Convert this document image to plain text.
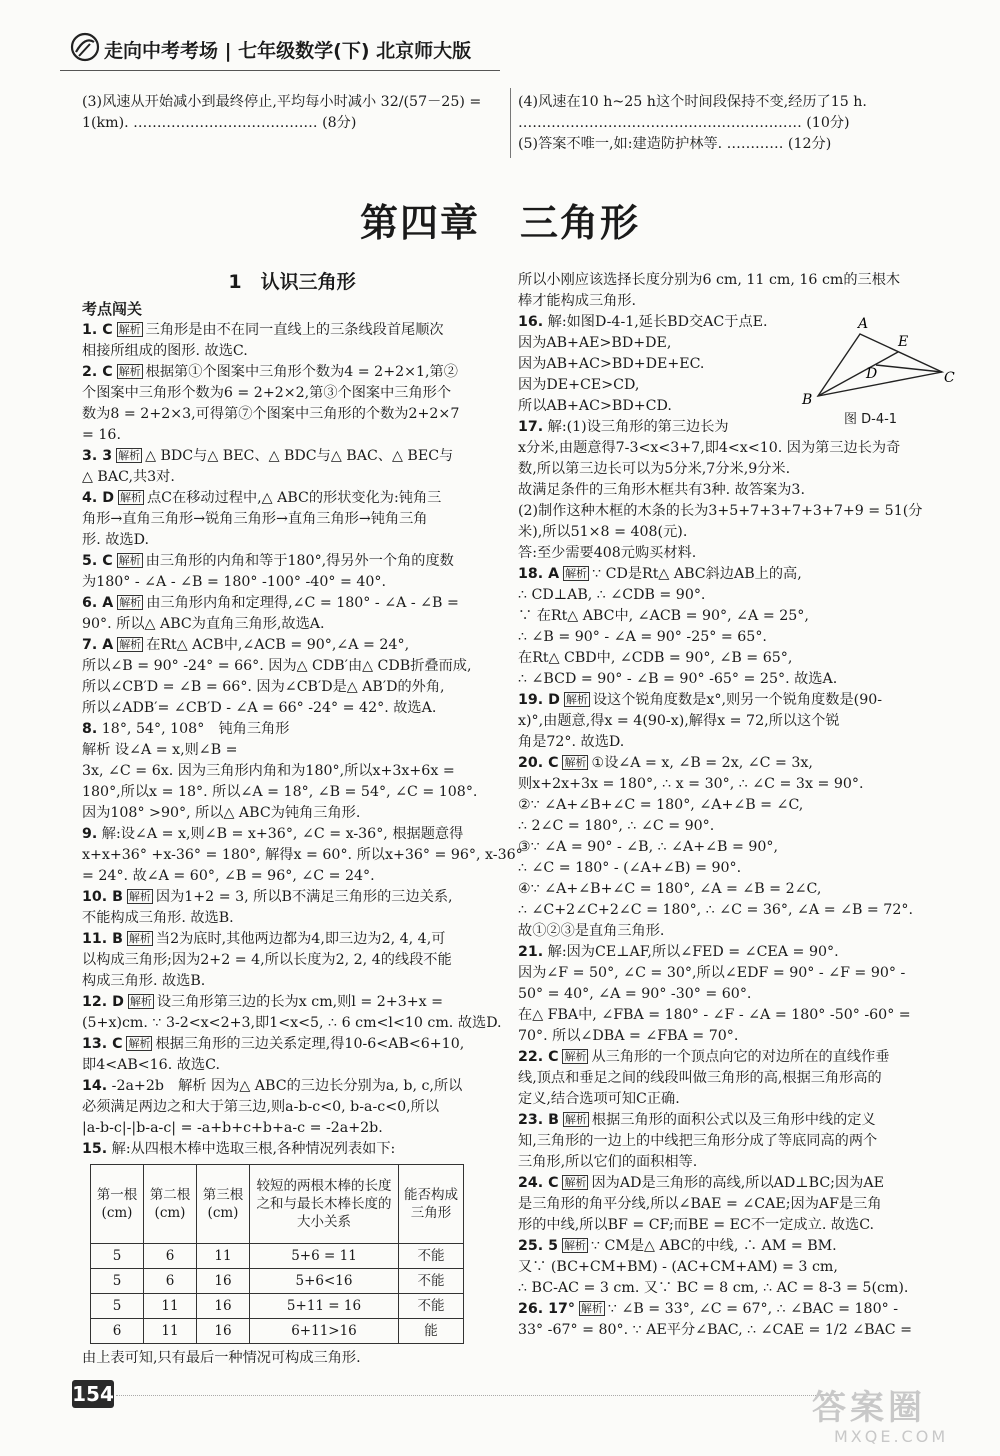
走向中考考场 | 七年级数学(下) 北京师大版

(3)风速从开始减小到最终停止,平均每小时减小 32/(57－25) =

1(km). ………………………………… (8分)

(4)风速在10 h~25 h这个时间段保持不变,经历了15 h.

…………………………………………………… (10分)

(5)答案不唯一,如:建造防护林等. ………… (12分)

第四章　三角形

1　认识三角形

考点闯关

1. C 解析 三角形是由不在同一直线上的三条线段首尾顺次

相接所组成的图形. 故选C.

2. C 解析 根据第①个图案中三角形个数为4 = 2+2×1,第②

个图案中三角形个数为6 = 2+2×2,第③个图案中三角形个

数为8 = 2+2×3,可得第⑦个图案中三角形的个数为2+2×7

= 16.

3. 3 解析 △ BDC与△ BEC、△ BDC与△ BAC、△ BEC与

△ BAC,共3对.

4. D 解析 点C在移动过程中,△ ABC的形状变化为:钝角三

角形→直角三角形→锐角三角形→直角三角形→钝角三角

形. 故选D.

5. C 解析 由三角形的内角和等于180°,得另外一个角的度数

为180° - ∠A - ∠B = 180° -100° -40° = 40°.

6. A 解析 由三角形内角和定理得,∠C = 180° - ∠A - ∠B =

90°. 所以△ ABC为直角三角形,故选A.

7. A 解析 在Rt△ ACB中,∠ACB = 90°,∠A = 24°,

所以∠B = 90° -24° = 66°. 因为△ CDB′由△ CDB折叠而成,

所以∠CB′D = ∠B = 66°. 因为∠CB′D是△ AB′D的外角,

所以∠ADB′= ∠CB′D - ∠A = 66° -24° = 42°. 故选A.

8. 18°, 54°, 108°　钝角三角形

解析 设∠A = x,则∠B =

3x, ∠C = 6x. 因为三角形内角和为180°,所以x+3x+6x =

180°,所以x = 18°. 所以∠A = 18°, ∠B = 54°, ∠C = 108°.

因为108° >90°, 所以△ ABC为钝角三角形.

9. 解:设∠A = x,则∠B = x+36°, ∠C = x-36°, 根据题意得

x+x+36° +x-36° = 180°, 解得x = 60°. 所以x+36° = 96°, x-36°

= 24°. 故∠A = 60°, ∠B = 96°, ∠C = 24°.

10. B 解析 因为1+2 = 3, 所以B不满足三角形的三边关系,

不能构成三角形. 故选B.

11. B 解析 当2为底时,其他两边都为4,即三边为2, 4, 4,可

以构成三角形;因为2+2 = 4,所以长度为2, 2, 4的线段不能

构成三角形. 故选B.

12. D 解析 设三角形第三边的长为x cm,则l = 2+3+x =

(5+x)cm. ∵ 3-2<x<2+3,即1<x<5, ∴ 6 cm<l<10 cm. 故选D.

13. C 解析 根据三角形的三边关系定理,得10-6<AB<6+10,

即4<AB<16. 故选C.

14. -2a+2b　解析 因为△ ABC的三边长分别为a, b, c,所以

必须满足两边之和大于第三边,则a-b-c<0, b-a-c<0,所以

|a-b-c|-|b-a-c| = -a+b+c+b+a-c = -2a+2b.

15. 解:从四根木棒中选取三根,各种情况列表如下:

第一根(cm)	第二根(cm)	第三根(cm)	较短的两根木棒的长度之和与最长木棒长度的大小关系	能否构成三角形
5	6	11	5+6 = 11	不能
5	6	16	5+6<16	不能
5	11	16	5+11 = 16	不能
6	11	16	6+11>16	能

由上表可知,只有最后一种情况可构成三角形.

所以小刚应该选择长度分别为6 cm, 11 cm, 16 cm的三根木

棒才能构成三角形.

16. 解:如图D-4-1,延长BD交AC于点E.

因为AB+AE>BD+DE,

因为AB+AC>BD+DE+EC.

因为DE+CE>CD,

所以AB+AC>BD+CD.

17. 解:(1)设三角形的第三边长为

x分米,由题意得7-3<x<3+7,即4<x<10. 因为第三边长为奇

数,所以第三边长可以为5分米,7分米,9分米.

故满足条件的三角形木框共有3种. 故答案为3.

(2)制作这种木框的木条的长为3+5+7+3+7+3+7+9 = 51(分

米),所以51×8 = 408(元).

答:至少需要408元购买材料.

18. A 解析 ∵ CD是Rt△ ABC斜边AB上的高,

∴ CD⊥AB, ∴ ∠CDB = 90°.

∵ 在Rt△ ABC中, ∠ACB = 90°, ∠A = 25°,

∴ ∠B = 90° - ∠A = 90° -25° = 65°.

在Rt△ CBD中, ∠CDB = 90°, ∠B = 65°,

∴ ∠BCD = 90° - ∠B = 90° -65° = 25°. 故选A.

19. D 解析 设这个锐角度数是x°,则另一个锐角度数是(90-

x)°,由题意,得x = 4(90-x),解得x = 72,所以这个锐

角是72°. 故选D.

20. C 解析 ①设∠A = x, ∠B = 2x, ∠C = 3x,

则x+2x+3x = 180°, ∴ x = 30°, ∴ ∠C = 3x = 90°.

②∵ ∠A+∠B+∠C = 180°, ∠A+∠B = ∠C,

∴ 2∠C = 180°, ∴ ∠C = 90°.

③∵ ∠A = 90° - ∠B, ∴ ∠A+∠B = 90°,

∴ ∠C = 180° - (∠A+∠B) = 90°.

④∵ ∠A+∠B+∠C = 180°, ∠A = ∠B = 2∠C,

∴ ∠C+2∠C+2∠C = 180°, ∴ ∠C = 36°, ∠A = ∠B = 72°.

故①②③是直角三角形.

21. 解:因为CE⊥AF,所以∠FED = ∠CEA = 90°.

因为∠F = 50°, ∠C = 30°,所以∠EDF = 90° - ∠F = 90° -

50° = 40°, ∠A = 90° -30° = 60°.

在△ FBA中, ∠FBA = 180° - ∠F - ∠A = 180° -50° -60° =

70°. 所以∠DBA = ∠FBA = 70°.

22. C 解析 从三角形的一个顶点向它的对边所在的直线作垂

线,顶点和垂足之间的线段叫做三角形的高,根据三角形高的

定义,结合选项可知C正确.

23. B 解析 根据三角形的面积公式以及三角形中线的定义

知,三角形的一边上的中线把三角形分成了等底同高的两个

三角形,所以它们的面积相等.

24. C 解析 因为AD是三角形的高线,所以AD⊥BC;因为AE

是三角形的角平分线,所以∠BAE = ∠CAE;因为AF是三角

形的中线,所以BF = CF;而BE = EC不一定成立. 故选C.

25. 5 解析 ∵ CM是△ ABC的中线, ∴ AM = BM.

又∵ (BC+CM+BM) - (AC+CM+AM) = 3 cm,

∴ BC-AC = 3 cm. 又∵ BC = 8 cm, ∴ AC = 8-3 = 5(cm).

26. 17° 解析 ∵ ∠B = 33°, ∠C = 67°, ∴ ∠BAC = 180° -

33° -67° = 80°. ∵ AE平分∠BAC, ∴ ∠CAE = 1/2 ∠BAC =

A
E
D	C
B
图 D-4-1
154	答案圈
MXQE.COM
